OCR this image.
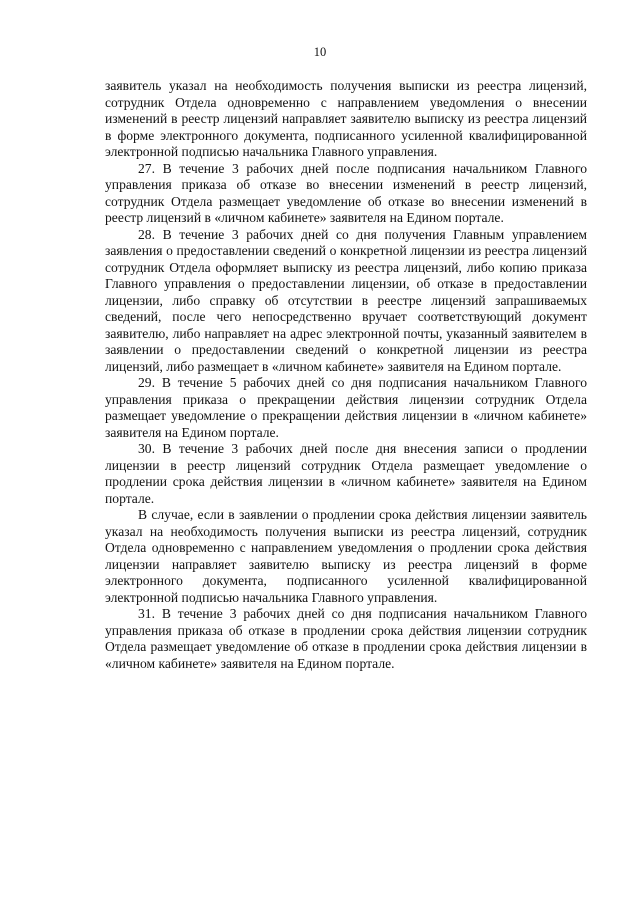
10

заявитель указал на необходимость получения выписки из реестра лицензий, сотрудник Отдела одновременно с направлением уведомления о внесении изменений в реестр лицензий направляет заявителю выписку из реестра лицензий в форме электронного документа, подписанного усиленной квалифицированной электронной подписью начальника Главного управления.

27. В течение 3 рабочих дней после подписания начальником Главного управления приказа об отказе во внесении изменений в реестр лицензий, сотрудник Отдела размещает уведомление об отказе во внесении изменений в реестр лицензий в «личном кабинете» заявителя на Едином портале.

28. В течение 3 рабочих дней со дня получения Главным управлением заявления о предоставлении сведений о конкретной лицензии из реестра лицензий сотрудник Отдела оформляет выписку из реестра лицензий, либо копию приказа Главного управления о предоставлении лицензии, об отказе в предоставлении лицензии, либо справку об отсутствии в реестре лицензий запрашиваемых сведений, после чего непосредственно вручает соответствующий документ заявителю, либо направляет на адрес электронной почты, указанный заявителем в заявлении о предоставлении сведений о конкретной лицензии из реестра лицензий, либо размещает в «личном кабинете» заявителя на Едином портале.

29. В течение 5 рабочих дней со дня подписания начальником Главного управления приказа о прекращении действия лицензии сотрудник Отдела размещает уведомление о прекращении действия лицензии в «личном кабинете» заявителя на Едином портале.

30. В течение 3 рабочих дней после дня внесения записи о продлении лицензии в реестр лицензий сотрудник Отдела размещает уведомление о продлении срока действия лицензии в «личном кабинете» заявителя на Едином портале.

В случае, если в заявлении о продлении срока действия лицензии заявитель указал на необходимость получения выписки из реестра лицензий, сотрудник Отдела одновременно с направлением уведомления о продлении срока действия лицензии направляет заявителю выписку из реестра лицензий в форме электронного документа, подписанного усиленной квалифицированной электронной подписью начальника Главного управления.

31. В течение 3 рабочих дней со дня подписания начальником Главного управления приказа об отказе в продлении срока действия лицензии сотрудник Отдела размещает уведомление об отказе в продлении срока действия лицензии в «личном кабинете» заявителя на Едином портале.
